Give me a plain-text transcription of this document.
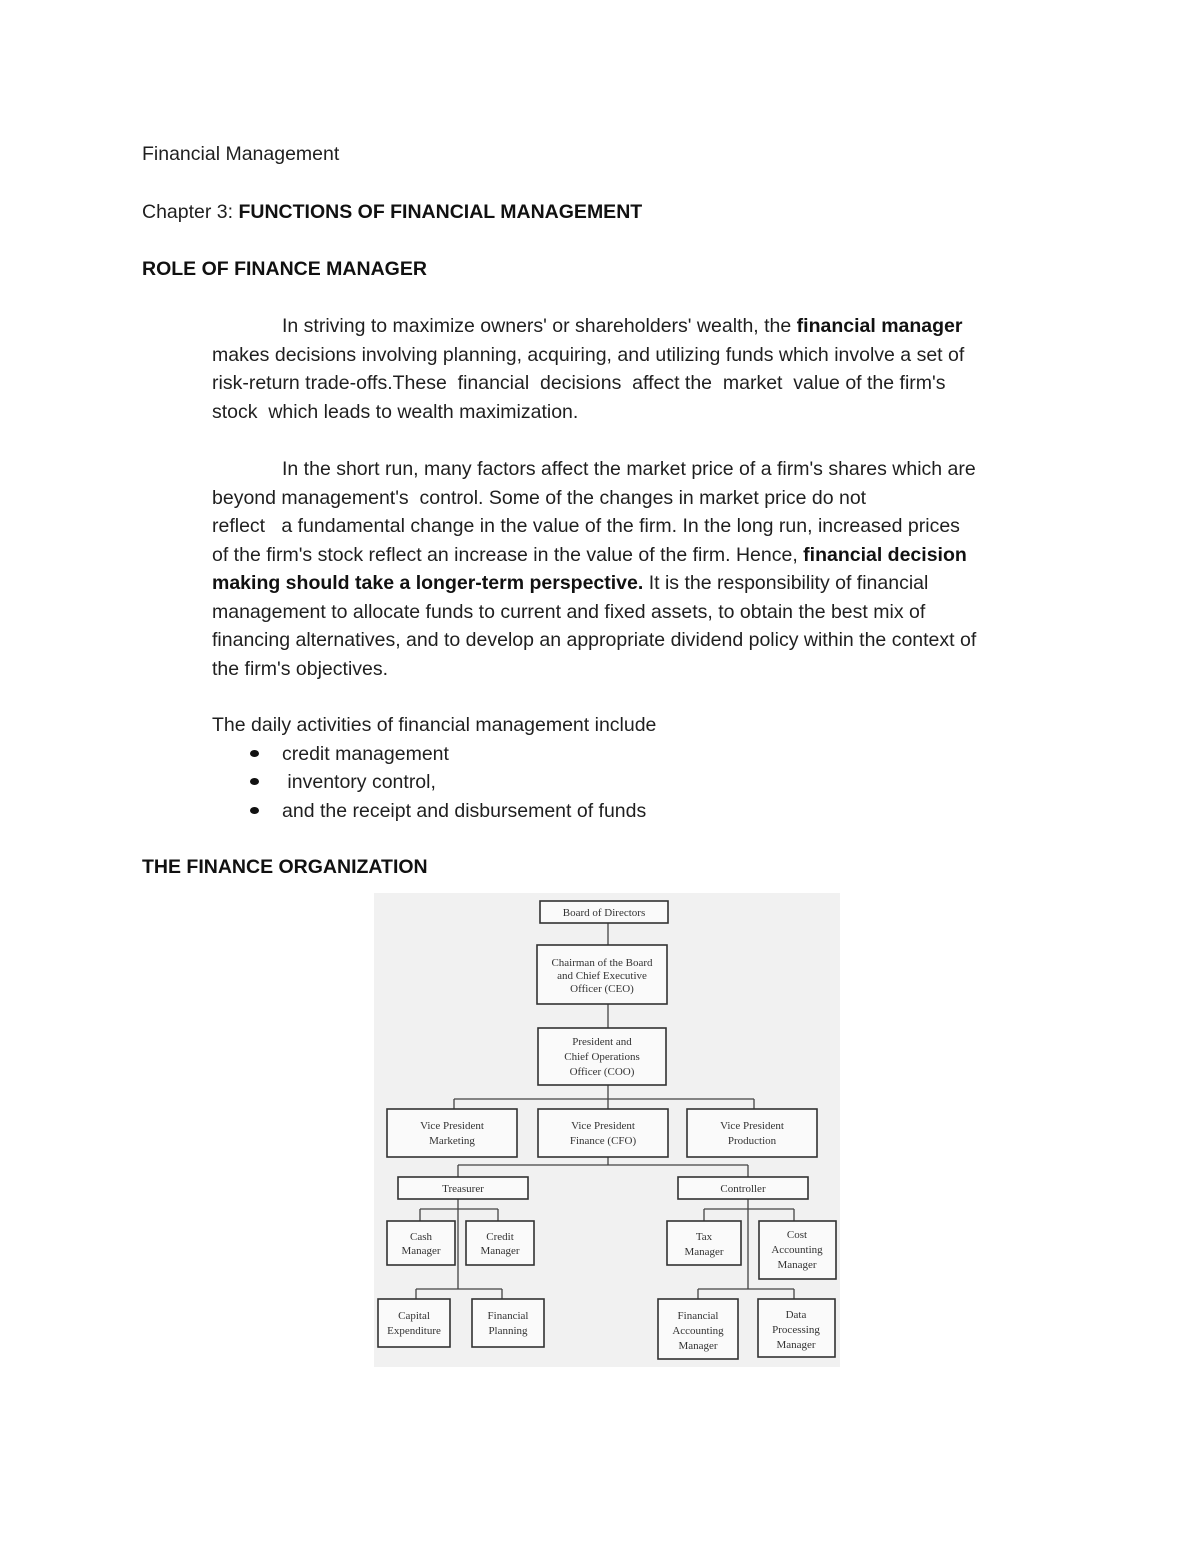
Financial Management
Chapter 3: FUNCTIONS OF FINANCIAL MANAGEMENT
ROLE OF FINANCE MANAGER
In striving to maximize owners' or shareholders' wealth, the financial manager
makes decisions involving planning, acquiring, and utilizing funds which involve a set of
risk-return trade-offs.These  financial  decisions  affect the  market  value of the firm's
stock  which leads to wealth maximization.
In the short run, many factors affect the market price of a firm's shares which are
beyond management's  control. Some of the changes in market price do not
reflect   a fundamental change in the value of the firm. In the long run, increased prices
of the firm's stock reflect an increase in the value of the firm. Hence, financial decision
making should take a longer-term perspective. It is the responsibility of financial
management to allocate funds to current and fixed assets, to obtain the best mix of
financing alternatives, and to develop an appropriate dividend policy within the context of
the firm's objectives.
The daily activities of financial management include
credit management
inventory control,
and the receipt and disbursement of funds
THE FINANCE ORGANIZATION
Board of Directors
Chairman of the Board
and Chief Executive
Officer (CEO)
President and
Chief Operations
Officer (COO)
Vice President
Marketing
Vice President
Finance (CFO)
Vice President
Production
Treasurer	Controller
Cash
Manager
Credit
Manager
Tax
Manager
Cost
Accounting
Manager
Capital
Expenditure
Financial
Planning
Financial
Accounting
Manager
Data
Processing
Manager
